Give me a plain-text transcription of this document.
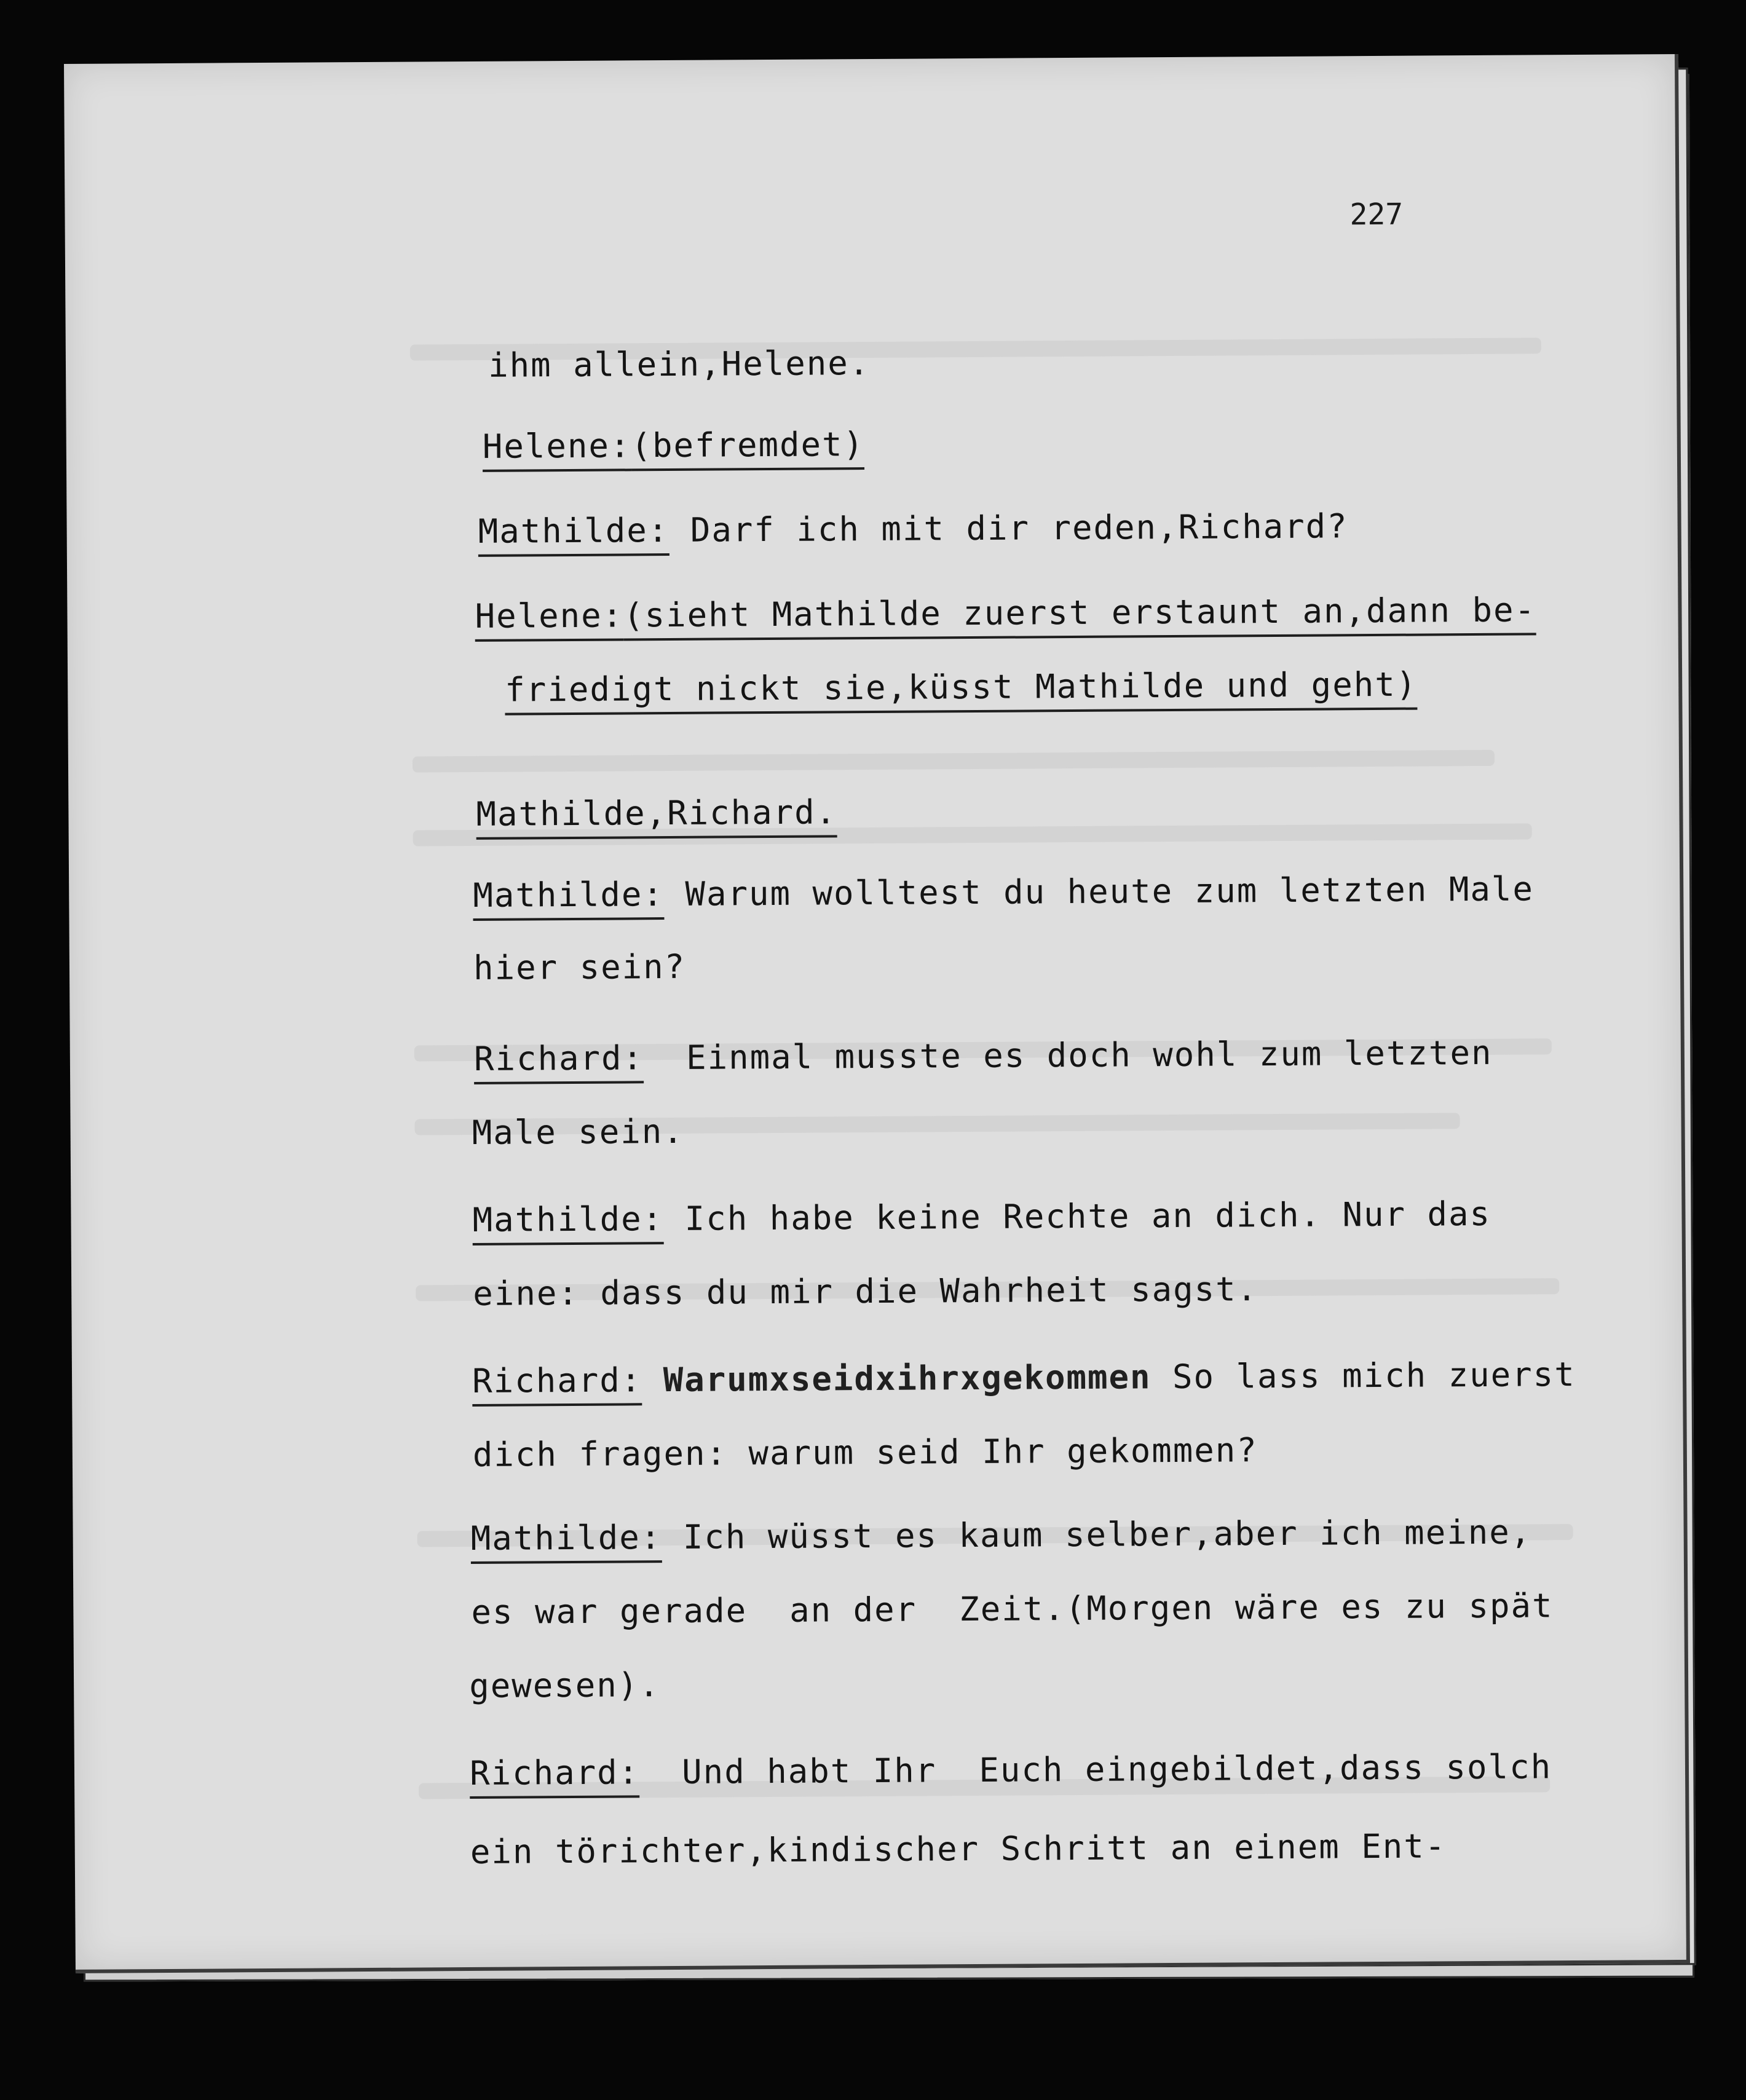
227

ihm allein,Helene.

Helene:(befremdet)

Mathilde: Darf ich mit dir reden,Richard?

Helene:(sieht Mathilde zuerst erstaunt an,dann be-

friedigt nickt sie,küsst Mathilde und geht)

Mathilde,Richard.

Mathilde: Warum wolltest du heute zum letzten Male

hier sein?

Richard:  Einmal musste es doch wohl zum letzten

Male sein.

Mathilde: Ich habe keine Rechte an dich. Nur das

eine: dass du mir die Wahrheit sagst.

Richard: Warumxseidxihrxgekommen So lass mich zuerst

dich fragen: warum seid Ihr gekommen?

Mathilde: Ich wüsst es kaum selber,aber ich meine,

es war gerade  an der  Zeit.(Morgen wäre es zu spät

gewesen).

Richard:  Und habt Ihr  Euch eingebildet,dass solch

ein törichter,kindischer Schritt an einem Ent-
